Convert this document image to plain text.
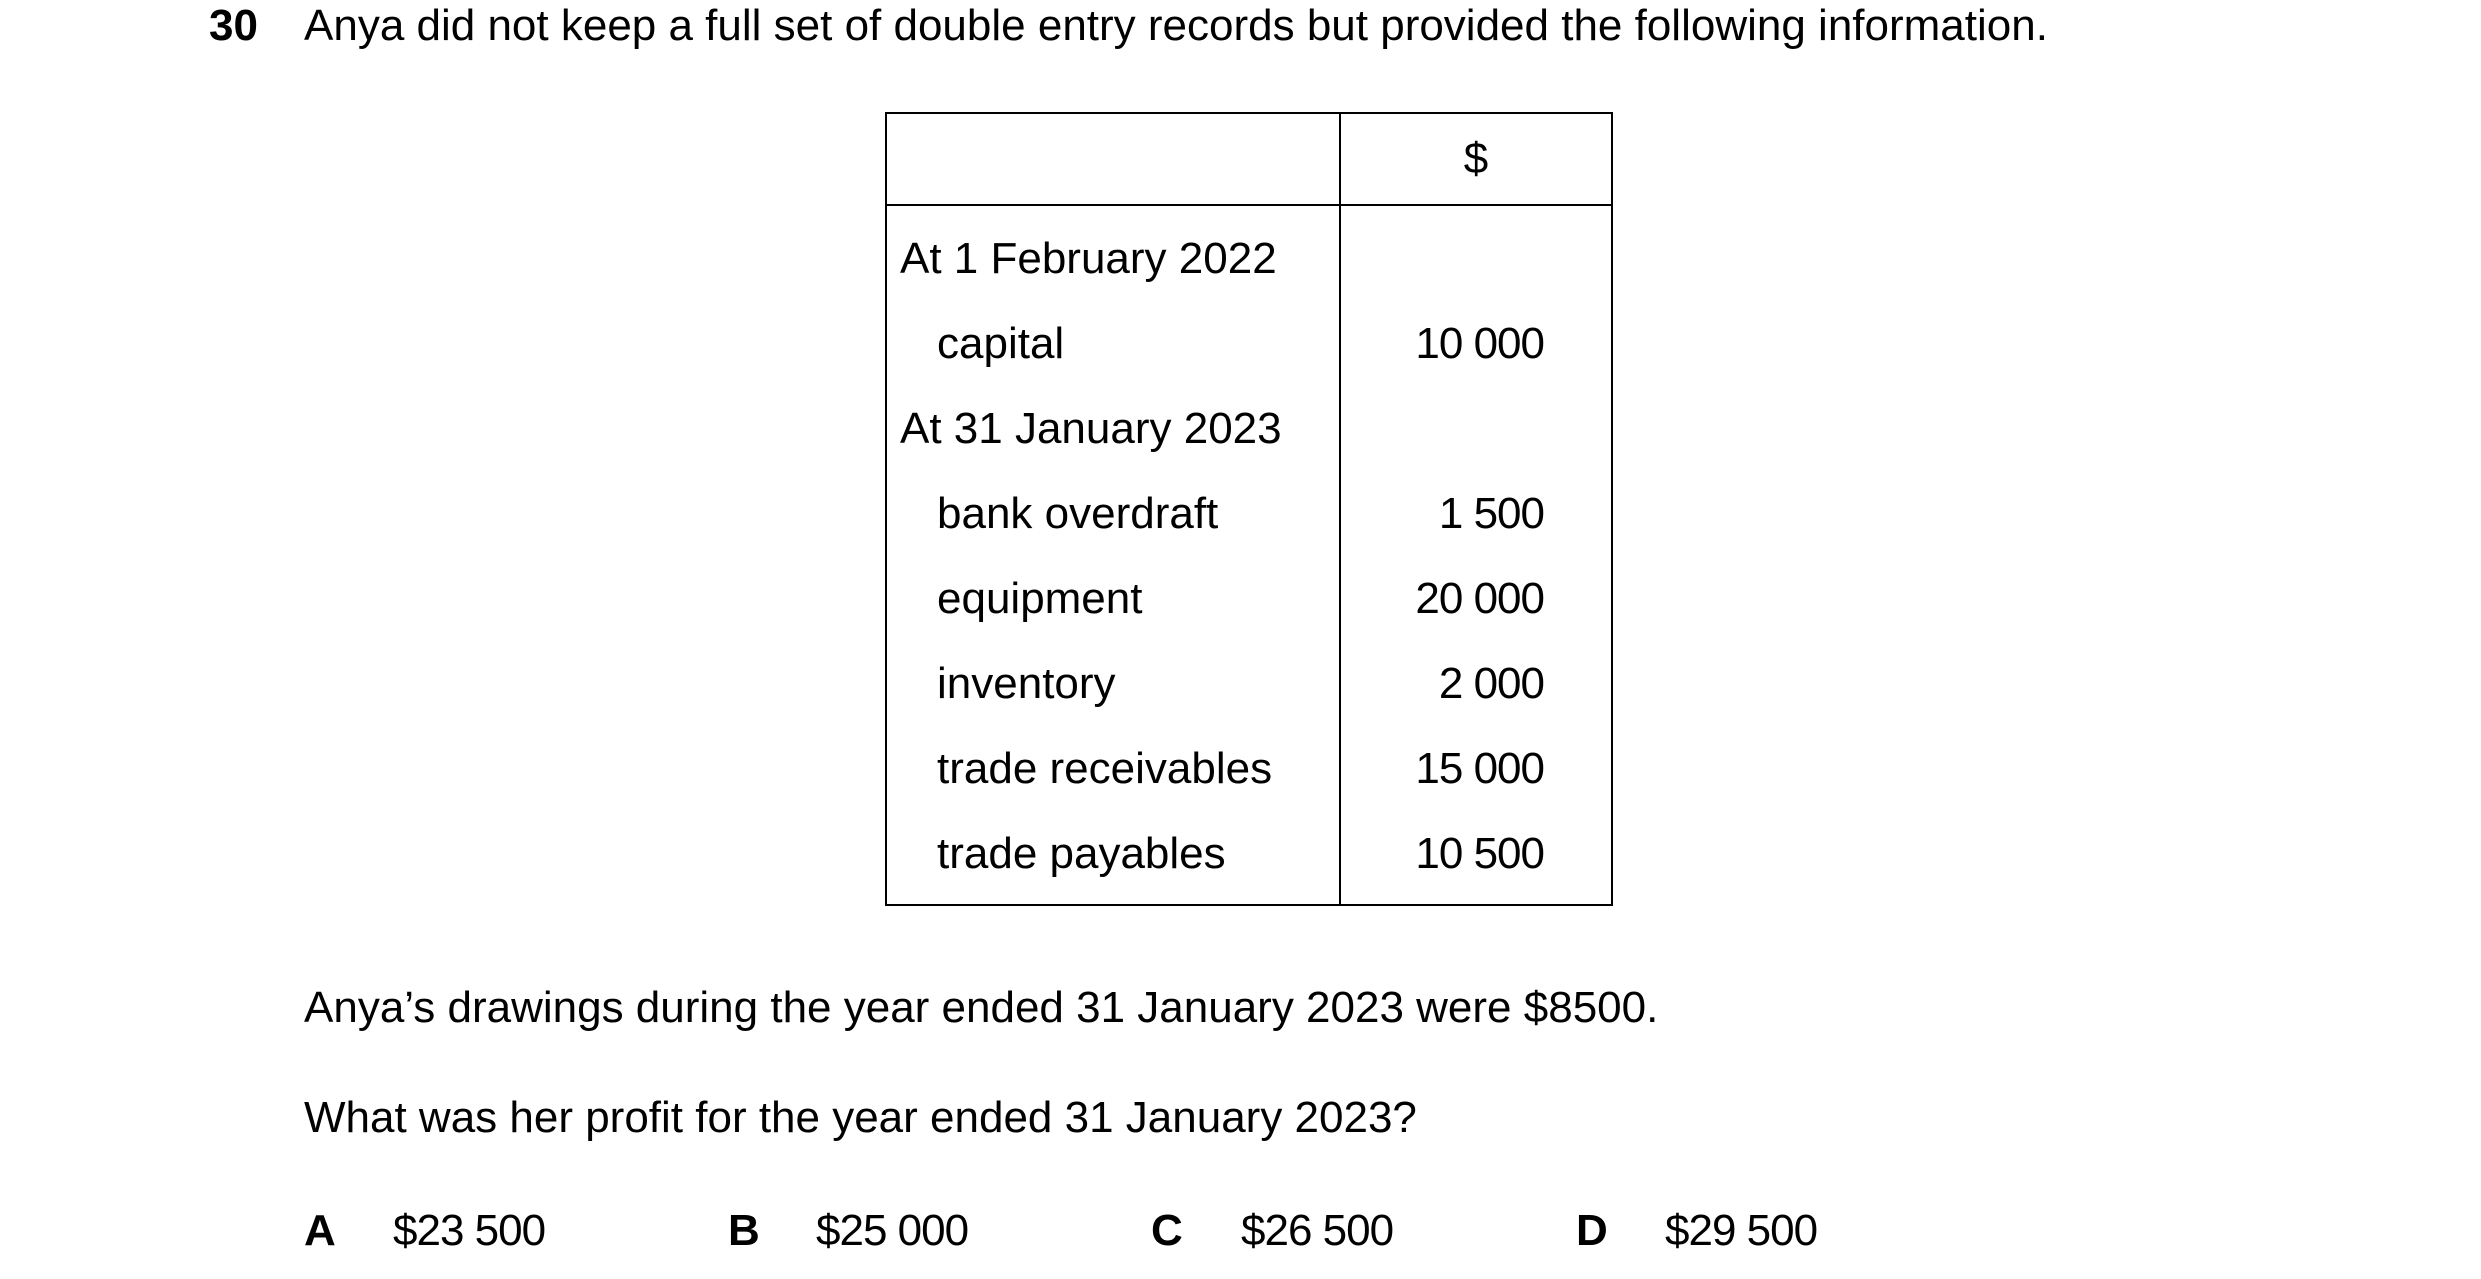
30 Anya did not keep a full set of double entry records but provided the following information.
	$
At 1 February 2022	
capital	10 000
At 31 January 2023	
bank overdraft	1 500
equipment	20 000
inventory	2 000
trade receivables	15 000
trade payables	10 500
Anya’s drawings during the year ended 31 January 2023 were $8500.
What was her profit for the year ended 31 January 2023?
A $23 500	B $25 000	C $26 500	D $29 500
